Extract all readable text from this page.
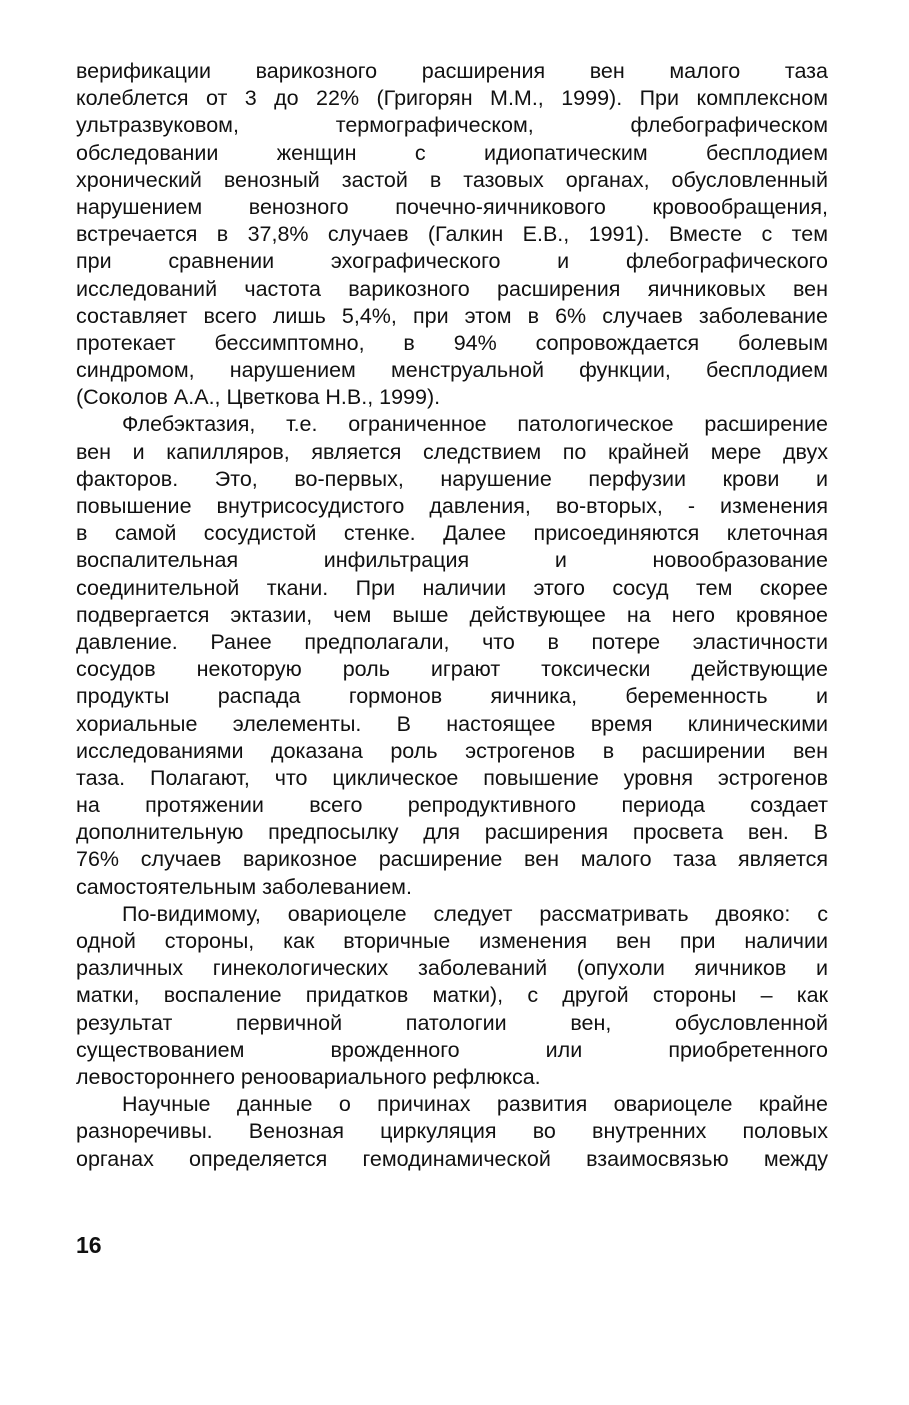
верификации варикозного расширения вен малого таза
колеблется от 3 до 22% (Григорян М.М., 1999). При комплексном
ультразвуковом, термографическом, флебографическом
обследовании женщин с идиопатическим бесплодием
хронический венозный застой в тазовых органах, обусловленный
нарушением венозного почечно-яичникового кровообращения,
встречается в 37,8% случаев (Галкин Е.В., 1991). Вместе с тем
при сравнении эхографического и флебографического
исследований частота варикозного расширения яичниковых вен
составляет всего лишь 5,4%, при этом в 6% случаев заболевание
протекает бессимптомно, в 94% сопровождается болевым
синдромом, нарушением менструальной функции, бесплодием
(Соколов А.А., Цветкова Н.В., 1999).
Флебэктазия, т.е. ограниченное патологическое расширение
вен и капилляров, является следствием по крайней мере двух
факторов. Это, во-первых, нарушение перфузии крови и
повышение внутрисосудистого давления, во-вторых, - изменения
в самой сосудистой стенке. Далее присоединяются клеточная
воспалительная инфильтрация и новообразование
соединительной ткани. При наличии этого сосуд тем скорее
подвергается эктазии, чем выше действующее на него кровяное
давление. Ранее предполагали, что в потере эластичности
сосудов некоторую роль играют токсически действующие
продукты распада гормонов яичника, беременность и
хориальные элелементы. В настоящее время клиническими
исследованиями доказана роль эстрогенов в расширении вен
таза. Полагают, что циклическое повышение уровня эстрогенов
на протяжении всего репродуктивного периода создает
дополнительную предпосылку для расширения просвета вен. В
76% случаев варикозное расширение вен малого таза является
самостоятельным заболеванием.
По-видимому, овариоцеле следует рассматривать двояко: с
одной стороны, как вторичные изменения вен при наличии
различных гинекологических заболеваний (опухоли яичников и
матки, воспаление придатков матки), с другой стороны – как
результат первичной патологии вен, обусловленной
существованием врожденного или приобретенного
левостороннего реноовариального рефлюкса.
Научные данные о причинах развития овариоцеле крайне
разноречивы. Венозная циркуляция во внутренних половых
органах определяется гемодинамической взаимосвязью между
16
